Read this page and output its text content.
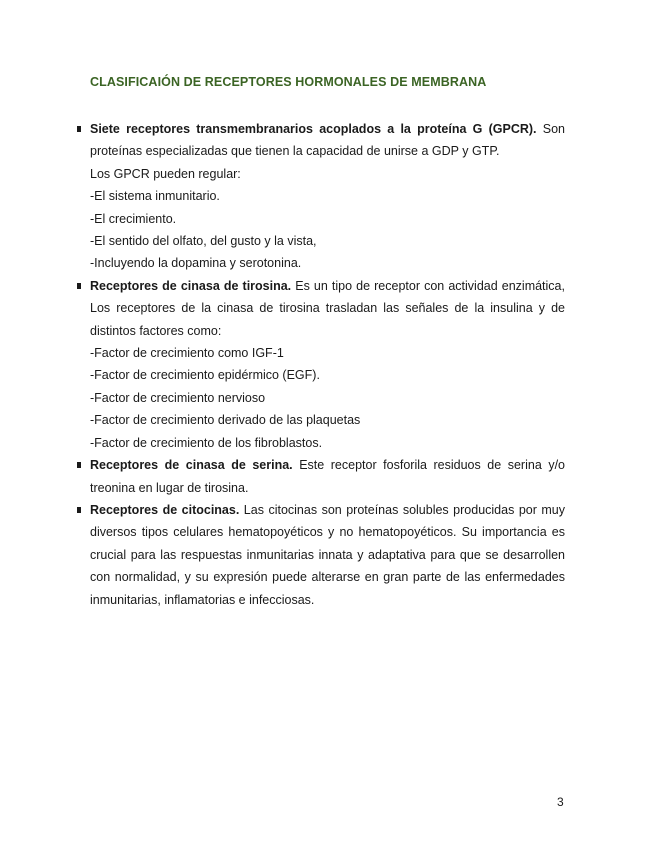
CLASIFICAIÓN DE RECEPTORES HORMONALES DE MEMBRANA
Siete receptores transmembranarios acoplados a la proteína G (GPCR). Son
proteínas especializadas que tienen la capacidad de unirse a GDP y GTP.
Los GPCR pueden regular:
-El sistema inmunitario.
-El crecimiento.
-El sentido del olfato, del gusto y la vista,
-Incluyendo la dopamina y serotonina.
Receptores de cinasa de tirosina. Es un tipo de receptor con actividad enzimática,
Los receptores de la cinasa de tirosina trasladan las señales de la insulina y de
distintos factores como:
-Factor de crecimiento como IGF-1
-Factor de crecimiento epidérmico (EGF).
-Factor de crecimiento nervioso
-Factor de crecimiento derivado de las plaquetas
-Factor de crecimiento de los fibroblastos.
Receptores de cinasa de serina. Este receptor fosforila residuos de serina y/o
treonina en lugar de tirosina.
Receptores de citocinas. Las citocinas son proteínas solubles producidas por muy
diversos tipos celulares hematopoyéticos y no hematopoyéticos. Su importancia es
crucial para las respuestas inmunitarias innata y adaptativa para que se desarrollen
con normalidad, y su expresión puede alterarse en gran parte de las enfermedades
inmunitarias, inflamatorias e infecciosas.
3
